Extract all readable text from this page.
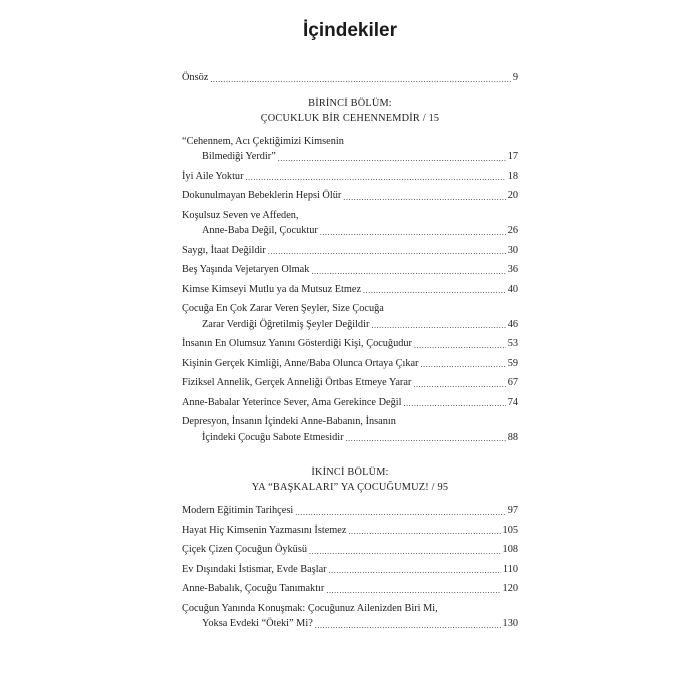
İçindekiler
Önsöz .....	9
BİRİNCİ BÖLÜM:
ÇOCUKLUK BİR CEHENNEMDİR / 15
“Cehennem, Acı Çektiğimizi Kimsenin
Bilmediği Yerdir” .....	17
İyi Aile Yoktur .....	18
Dokunulmayan Bebeklerin Hepsi Ölür .....	20
Koşulsuz Seven ve Affeden,
Anne-Baba Değil, Çocuktur .....	26
Saygı, İtaat Değildir .....	30
Beş Yaşında Vejetaryen Olmak .....	36
Kimse Kimseyi Mutlu ya da Mutsuz Etmez .....	40
Çocuğa En Çok Zarar Veren Şeyler, Size Çocuğa
Zarar Verdiği Öğretilmiş Şeyler Değildir .....	46
İnsanın En Olumsuz Yanını Gösterdiği Kişi, Çocuğudur .....	53
Kişinin Gerçek Kimliği, Anne/Baba Olunca Ortaya Çıkar .....	59
Fiziksel Annelik, Gerçek Anneliği Örtbas Etmeye Yarar .....	67
Anne-Babalar Yeterince Sever, Ama Gerekince Değil .....	74
Depresyon, İnsanın İçindeki Anne-Babanın, İnsanın
İçindeki Çocuğu Sabote Etmesidir .....	88
İKİNCİ BÖLÜM:
YA “BAŞKALARI” YA ÇOCUĞUMUZ! / 95
Modern Eğitimin Tarihçesi .....	97
Hayat Hiç Kimsenin Yazmasını İstemez .....	105
Çiçek Çizen Çocuğun Öyküsü .....	108
Ev Dışındaki İstismar, Evde Başlar .....	110
Anne-Babalık, Çocuğu Tanımaktır .....	120
Çocuğun Yanında Konuşmak: Çocuğunuz Ailenizden Biri Mi,
Yoksa Evdeki “Öteki” Mi? .....	130
